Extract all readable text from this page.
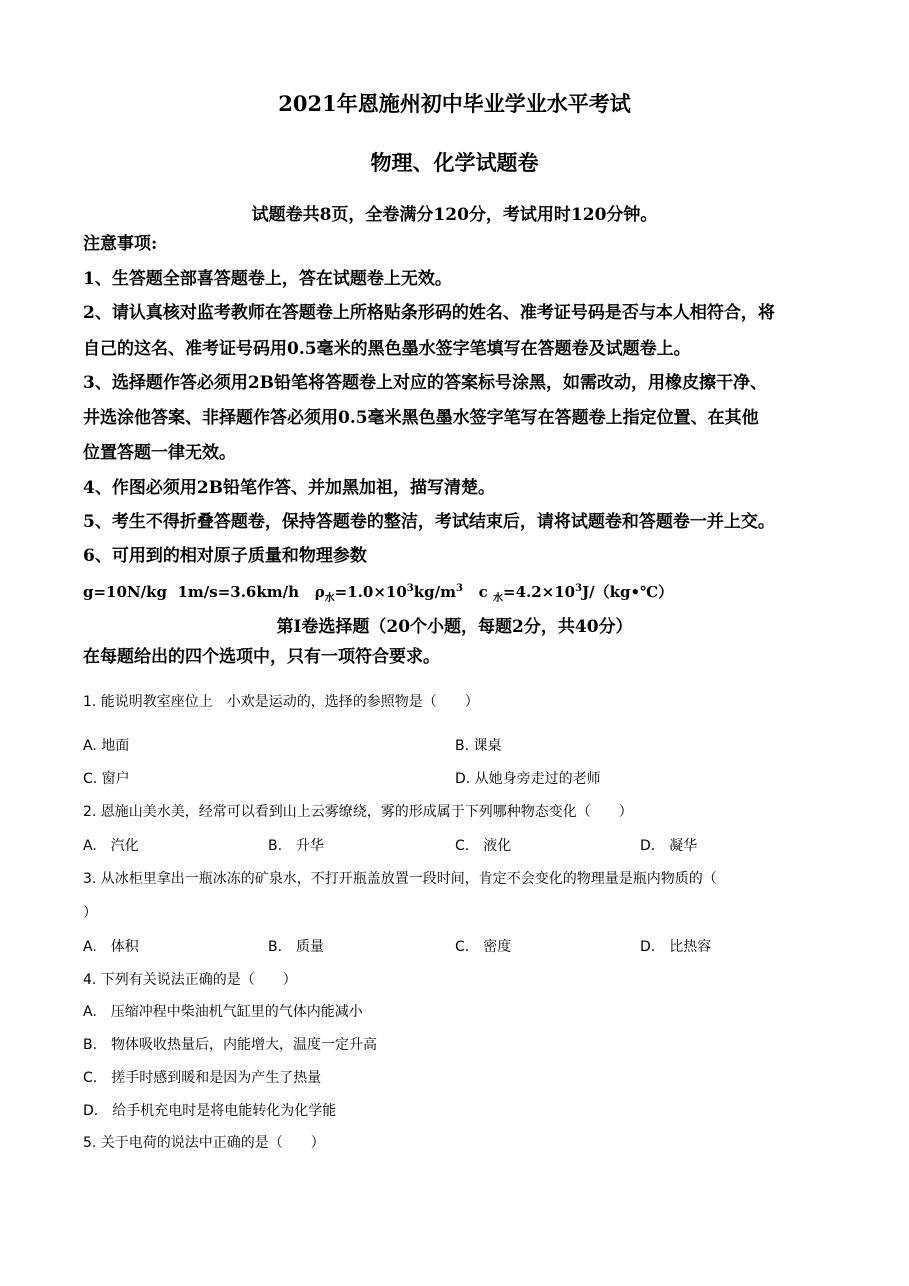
2021年恩施州初中毕业学业水平考试
物理、化学试题卷
试题卷共8页，全卷满分120分，考试用时120分钟。
注意事项:
1、生答题全部喜答题卷上，答在试题卷上无效。
2、请认真核对监考教师在答题卷上所格贴条形码的姓名、准考证号码是否与本人相符合，将
自己的这名、准考证号码用0.5毫米的黑色墨水签字笔填写在答题卷及试题卷上。
3、选择题作答必须用2B铅笔将答题卷上对应的答案标号涂黑，如需改动，用橡皮擦干净、
井选涂他答案、非择题作答必须用0.5毫米黑色墨水签字笔写在答题卷上指定位置、在其他
位置答题一律无效。
4、作图必须用2B铅笔作答、并加黑加祖，描写清楚。
5、考生不得折叠答题卷，保持答题卷的整洁，考试结束后，请将试题卷和答题卷一并上交。
6、可用到的相对原子质量和物理参数
g=10N/kg 1m/s=3.6km/h $\rho_水=1.0\times 10^3kg/m^3$ c $_水=4.2\times 10^3J/(kg•℃)$
第I卷选择题（20个小题，每题2分，共40分）
在每题给出的四个选项中，只有一项符合要求。
1. 能说明教室座位上　小欢是运动的，选择的参照物是（　　）
A. 地面	B. 课桌
C. 窗户	D. 从她身旁走过的老师
2. 恩施山美水美，经常可以看到山上云雾缭绕，雾的形成属于下列哪种物态变化（　　）
A.　汽化	B.　升华	C.　液化	D.　凝华
3. 从冰柜里拿出一瓶冰冻的矿泉水，不打开瓶盖放置一段时间，肯定不会变化的物理量是瓶内物质的（
）
A.　体积	B.　质量	C.　密度	D.　比热容
4. 下列有关说法正确的是（　　）
A.　压缩冲程中柴油机气缸里的气体内能减小
B.　物体吸收热量后，内能增大，温度一定升高
C.　搓手时感到暖和是因为产生了热量
D.　给手机充电时是将电能转化为化学能
5. 关于电荷的说法中正确的是（　　）
